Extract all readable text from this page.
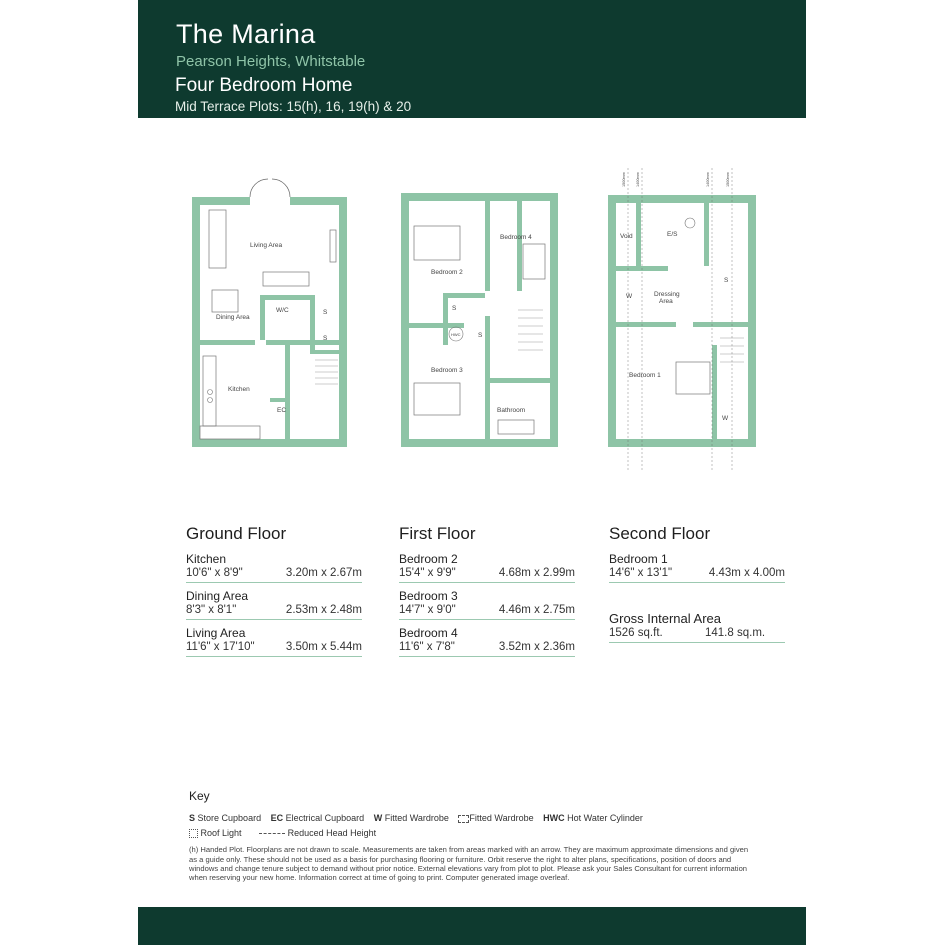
The Marina
Pearson Heights, Whitstable
Four Bedroom Home
Mid Terrace Plots: 15(h), 16, 19(h) & 20
Living Area
Dining Area
W/C	S
S
Kitchen
EC
Bedroom 2
Bedroom 4
S
S
HWC
Bedroom 3
Bathroom
Void	E/S
S
Dressing
Area
W
Bedroom 1
W
1500mm	1400mm	1400mm	1500mm
Ground Floor
Kitchen
10'6" x 8'9"	3.20m x 2.67m
Dining Area
8'3" x 8'1"	2.53m x 2.48m
Living Area
11'6" x 17'10"	3.50m x 5.44m
First Floor
Bedroom 2
15'4" x 9'9"	4.68m x 2.99m
Bedroom 3
14'7" x 9'0"	4.46m x 2.75m
Bedroom 4
11'6" x 7'8"	3.52m x 2.36m
Second Floor
Bedroom 1
14'6" x 13'1"	4.43m x 4.00m
Gross Internal Area
1526 sq.ft.	141.8 sq.m.
Key
S Store Cupboard EC Electrical Cupboard W Fitted Wardrobe Fitted Wardrobe HWC Hot Water Cylinder
Roof Light	Reduced Head Height
(h) Handed Plot. Floorplans are not drawn to scale. Measurements are taken from areas marked with an arrow. They are maximum approximate dimensions and given as a guide only. These should not be used as a basis for purchasing flooring or furniture. Orbit reserve the right to alter plans, specifications, position of doors and windows and change tenure subject to demand without prior notice. External elevations vary from plot to plot. Please ask your Sales Consultant for current information when reserving your new home. Information correct at time of going to print. Computer generated image overleaf.
